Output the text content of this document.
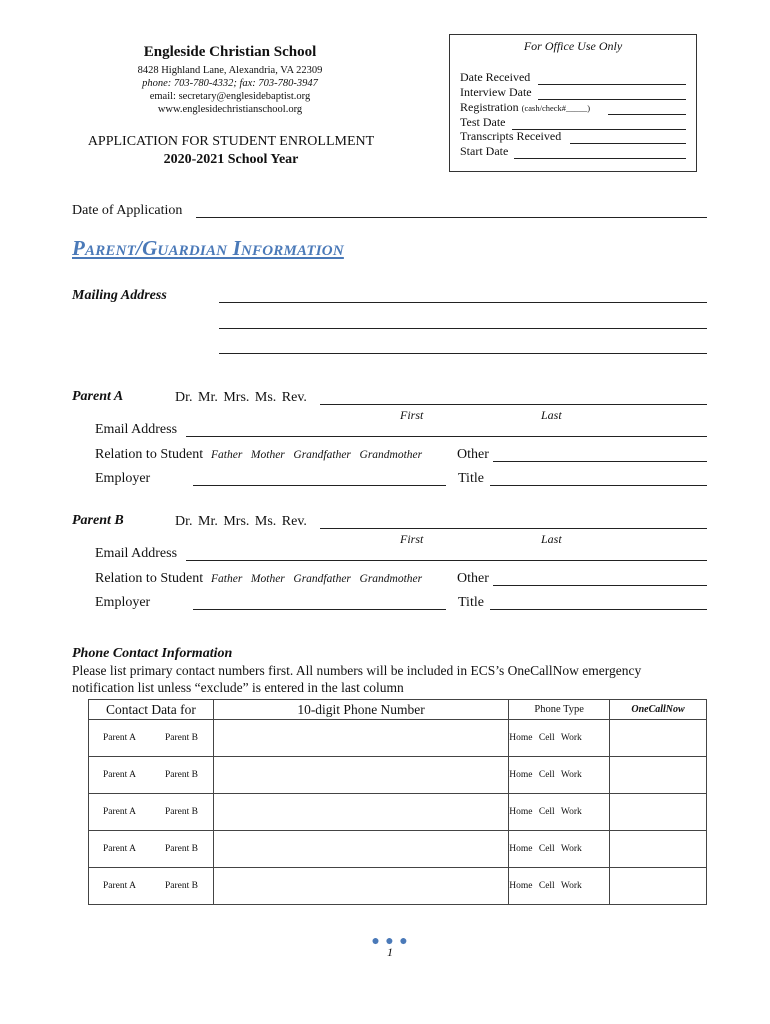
Engleside Christian School
8428 Highland Lane, Alexandria, VA 22309
phone: 703-780-4332; fax: 703-780-3947
email: secretary@englesidebaptist.org
www.englesidechristianschool.org
APPLICATION FOR STUDENT ENROLLMENT
2020-2021 School Year
For Office Use Only
Date Received
Interview Date
Registration (cash/check#_____)
Test Date
Transcripts Received
Start Date
Date of Application
Parent/Guardian Information
Mailing Address
Parent A	Dr. Mr. Mrs. Ms. Rev.
First	Last
Email Address
Relation to Student Father   Mother   Grandfather   Grandmother Other
Employer	Title
Parent B	Dr. Mr. Mrs. Ms. Rev.
First	Last
Email Address
Relation to Student Father   Mother   Grandfather   Grandmother Other
Employer	Title
Phone Contact Information
Please list primary contact numbers first. All numbers will be included in ECS’s OneCallNow emergency
notification list unless “exclude” is entered in the last column
Contact Data for	10-digit Phone Number	Phone Type	OneCallNow
Parent A Parent B		Home Cell Work	
Parent A Parent B		Home Cell Work	
Parent A Parent B		Home Cell Work	
Parent A Parent B		Home Cell Work	
Parent A Parent B		Home Cell Work	
● ● ●
1
